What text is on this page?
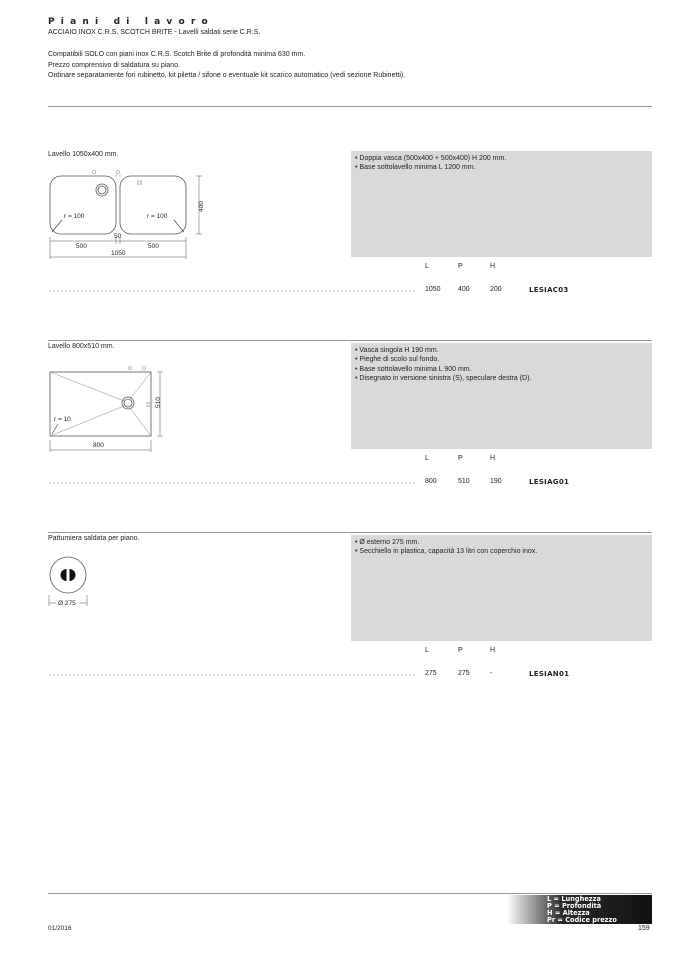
Piani di lavoro
ACCIAIO INOX C.R.S. SCOTCH BRITE - Lavelli saldati serie C.R.S.
Compatibili SOLO con piani inox C.R.S. Scotch Brite di profondità minima 630 mm.
Prezzo comprensivo di saldatura su piano.
Ordinare separatamente fori rubinetto, kit piletta / sifone o eventuale kit scarico automatico (vedi sezione Rubinetti).
Lavello 1050x400 mm.
r = 100	r = 100
400
500
50
500
1050
• Doppia vasca (500x400 + 500x400) H 200 mm.
• Base sottolavello minima L 1200 mm.
L	P	H
1050 400	200	LESIAC03
Lavello 800x510 mm.
r = 10
510
800
• Vasca singola H 190 mm.
• Pieghe di scolo sul fondo.
• Base sottolavello minima L 900 mm.
• Disegnato in versione sinistra (S), speculare destra (D).
L	P	H
800	510	190	LESIAG01
Pattumiera saldata per piano.
Ø 275
• Ø esterno 275 mm.
• Secchiello in plastica, capacità 13 litri con coperchio inox.
L	P	H
275	275	-	LESIAN01
L = Lunghezza
P = Profondità
H = Altezza
Pr = Codice prezzo
01/2016	159
